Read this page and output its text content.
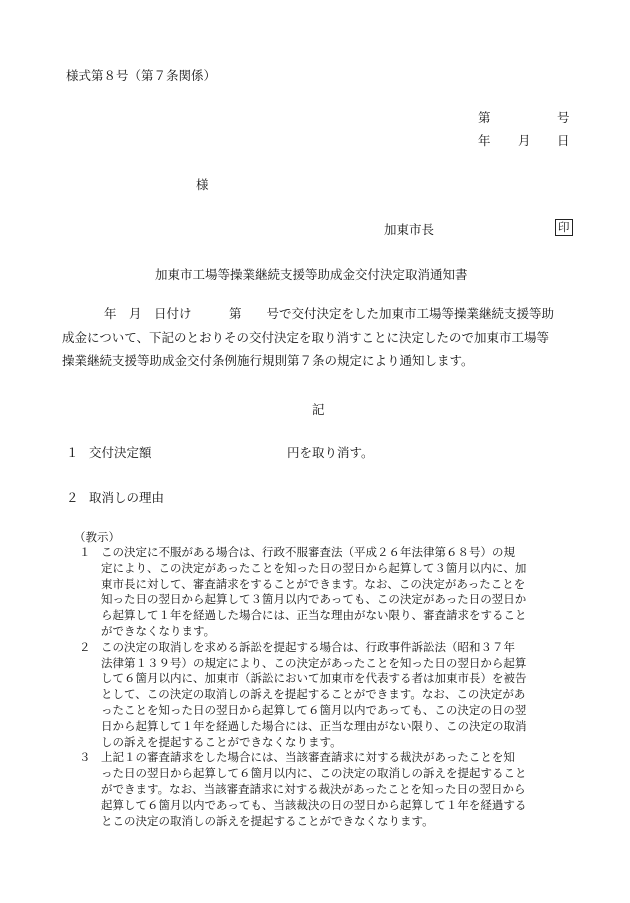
様式第８号（第７条関係）
第	号
年 月 日
様
加東市長	印
加東市工場等操業継続支援等助成金交付決定取消通知書
年　月　日付け　　　第　　号で交付決定をした加東市工場等操業継続支援等助
成金について、下記のとおりその交付決定を取り消すことに決定したので加東市工場等
操業継続支援等助成金交付条例施行規則第７条の規定により通知します。
記
１ 交付決定額	円を取り消す。
２ 取消しの理由
（教示）
１ この決定に不服がある場合は、行政不服審査法（平成２６年法律第６８号）の規
定により、この決定があったことを知った日の翌日から起算して３箇月以内に、加
東市長に対して、審査請求をすることができます。なお、この決定があったことを
知った日の翌日から起算して３箇月以内であっても、この決定があった日の翌日か
ら起算して１年を経過した場合には、正当な理由がない限り、審査請求をすること
ができなくなります。
２ この決定の取消しを求める訴訟を提起する場合は、行政事件訴訟法（昭和３７年
法律第１３９号）の規定により、この決定があったことを知った日の翌日から起算
して６箇月以内に、加東市（訴訟において加東市を代表する者は加東市長）を被告
として、この決定の取消しの訴えを提起することができます。なお、この決定があ
ったことを知った日の翌日から起算して６箇月以内であっても、この決定の日の翌
日から起算して１年を経過した場合には、正当な理由がない限り、この決定の取消
しの訴えを提起することができなくなります。
３ 上記１の審査請求をした場合には、当該審査請求に対する裁決があったことを知
った日の翌日から起算して６箇月以内に、この決定の取消しの訴えを提起すること
ができます。なお、当該審査請求に対する裁決があったことを知った日の翌日から
起算して６箇月以内であっても、当該裁決の日の翌日から起算して１年を経過する
とこの決定の取消しの訴えを提起することができなくなります。
